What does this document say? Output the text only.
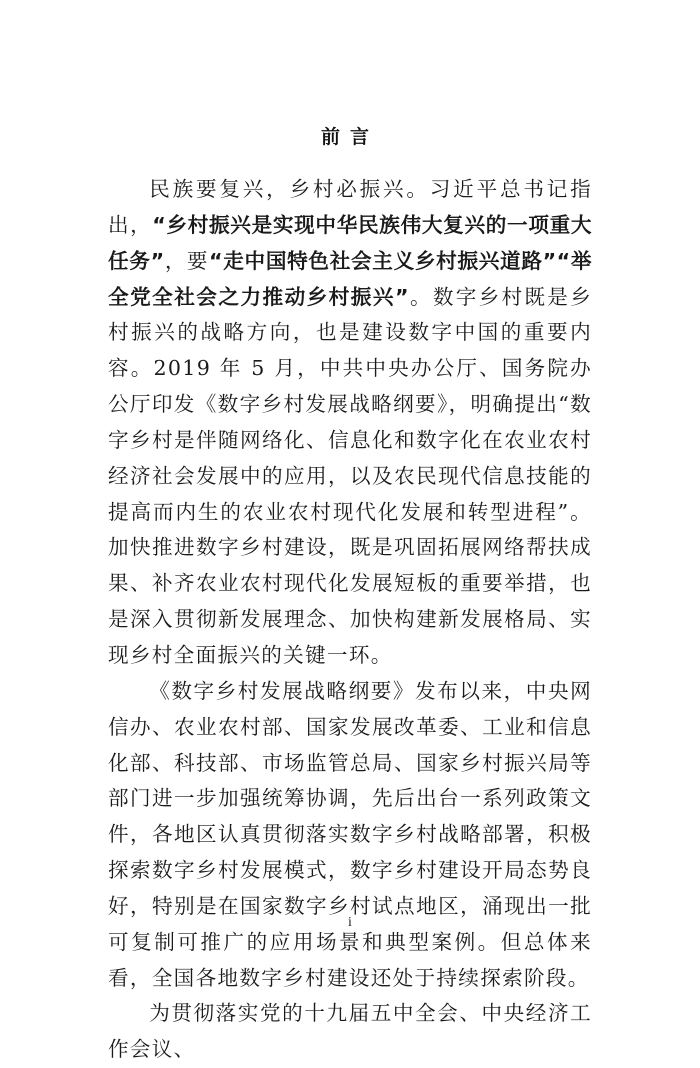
前言

民族要复兴，乡村必振兴。习近平总书记指出，“乡村振兴是实现中华民族伟大复兴的一项重大任务”，要“走中国特色社会主义乡村振兴道路”“举全党全社会之力推动乡村振兴”。数字乡村既是乡村振兴的战略方向，也是建设数字中国的重要内容。2019 年 5 月，中共中央办公厅、国务院办公厅印发《数字乡村发展战略纲要》，明确提出“数字乡村是伴随网络化、信息化和数字化在农业农村经济社会发展中的应用，以及农民现代信息技能的提高而内生的农业农村现代化发展和转型进程”。加快推进数字乡村建设，既是巩固拓展网络帮扶成果、补齐农业农村现代化发展短板的重要举措，也是深入贯彻新发展理念、加快构建新发展格局、实现乡村全面振兴的关键一环。

《数字乡村发展战略纲要》发布以来，中央网信办、农业农村部、国家发展改革委、工业和信息化部、科技部、市场监管总局、国家乡村振兴局等部门进一步加强统筹协调，先后出台一系列政策文件，各地区认真贯彻落实数字乡村战略部署，积极探索数字乡村发展模式，数字乡村建设开局态势良好，特别是在国家数字乡村试点地区，涌现出一批可复制可推广的应用场景和典型案例。但总体来看，全国各地数字乡村建设还处于持续探索阶段。

为贯彻落实党的十九届五中全会、中央经济工作会议、

i
